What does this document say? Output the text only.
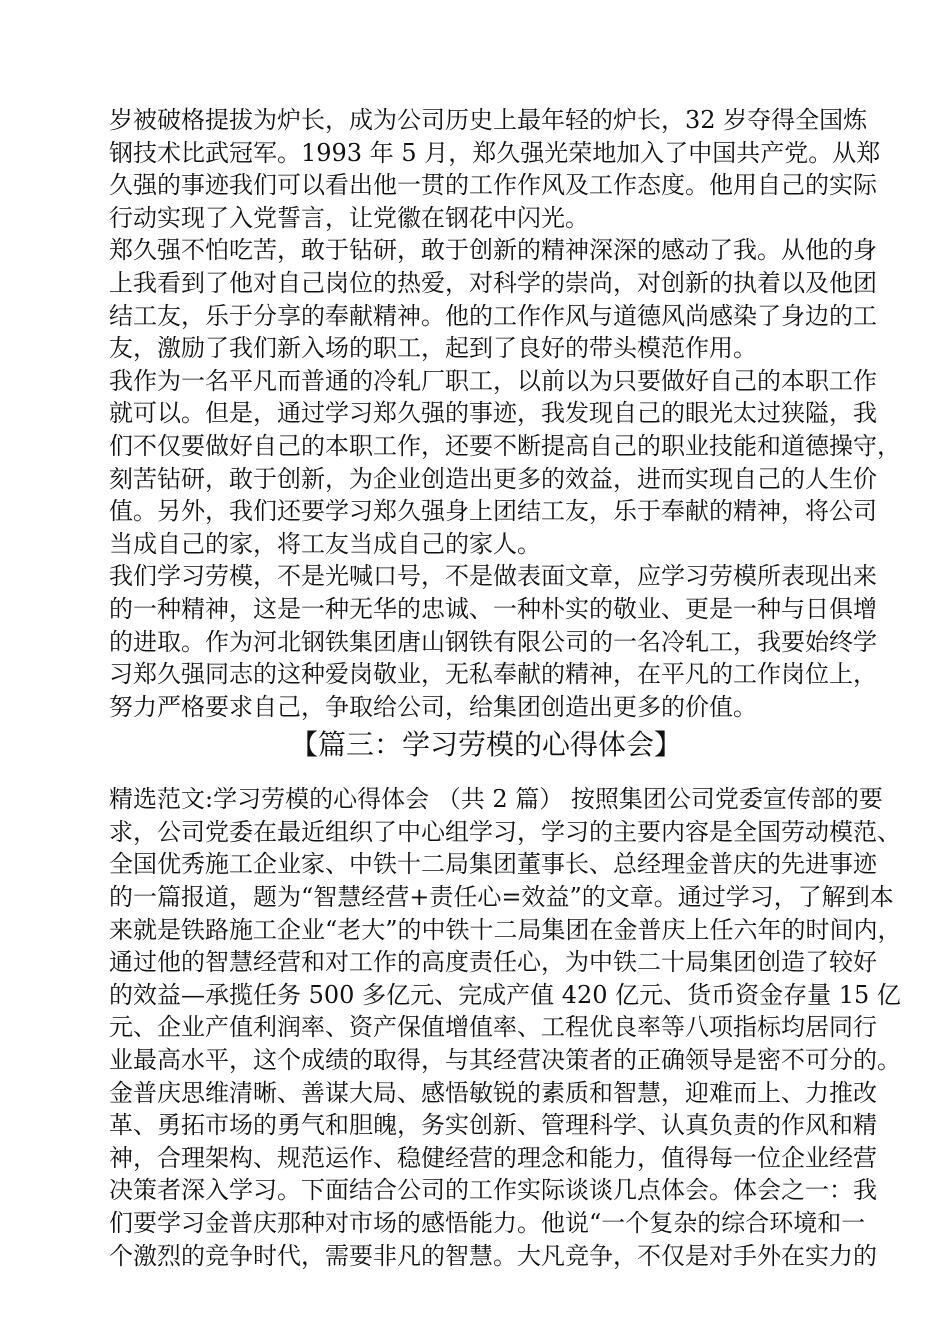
岁被破格提拔为炉长，成为公司历史上最年轻的炉长，32 岁夺得全国炼
钢技术比武冠军。1993 年 5 月，郑久强光荣地加入了中国共产党。从郑
久强的事迹我们可以看出他一贯的工作作风及工作态度。他用自己的实际
行动实现了入党誓言，让党徽在钢花中闪光。
郑久强不怕吃苦，敢于钻研，敢于创新的精神深深的感动了我。从他的身
上我看到了他对自己岗位的热爱，对科学的崇尚，对创新的执着以及他团
结工友，乐于分享的奉献精神。他的工作作风与道德风尚感染了身边的工
友，激励了我们新入场的职工，起到了良好的带头模范作用。
我作为一名平凡而普通的冷轧厂职工，以前以为只要做好自己的本职工作
就可以。但是，通过学习郑久强的事迹，我发现自己的眼光太过狭隘，我
们不仅要做好自己的本职工作，还要不断提高自己的职业技能和道德操守，
刻苦钻研，敢于创新，为企业创造出更多的效益，进而实现自己的人生价
值。另外，我们还要学习郑久强身上团结工友，乐于奉献的精神，将公司
当成自己的家，将工友当成自己的家人。
我们学习劳模，不是光喊口号，不是做表面文章，应学习劳模所表现出来
的一种精神，这是一种无华的忠诚、一种朴实的敬业、更是一种与日俱增
的进取。作为河北钢铁集团唐山钢铁有限公司的一名冷轧工，我要始终学
习郑久强同志的这种爱岗敬业，无私奉献的精神，在平凡的工作岗位上，
努力严格要求自己，争取给公司，给集团创造出更多的价值。
【篇三：学习劳模的心得体会】
精选范文:学习劳模的心得体会 （共 2 篇） 按照集团公司党委宣传部的要
求，公司党委在最近组织了中心组学习，学习的主要内容是全国劳动模范、
全国优秀施工企业家、中铁十二局集团董事长、总经理金普庆的先进事迹
的一篇报道，题为“智慧经营+责任心=效益”的文章。通过学习，了解到本
来就是铁路施工企业“老大”的中铁十二局集团在金普庆上任六年的时间内，
通过他的智慧经营和对工作的高度责任心，为中铁二十局集团创造了较好
的效益—承揽任务 500 多亿元、完成产值 420 亿元、货币资金存量 15 亿
元、企业产值利润率、资产保值增值率、工程优良率等八项指标均居同行
业最高水平，这个成绩的取得，与其经营决策者的正确领导是密不可分的。
金普庆思维清晰、善谋大局、感悟敏锐的素质和智慧，迎难而上、力推改
革、勇拓市场的勇气和胆魄，务实创新、管理科学、认真负责的作风和精
神，合理架构、规范运作、稳健经营的理念和能力，值得每一位企业经营
决策者深入学习。下面结合公司的工作实际谈谈几点体会。体会之一：我
们要学习金普庆那种对市场的感悟能力。他说“一个复杂的综合环境和一
个激烈的竞争时代，需要非凡的智慧。大凡竞争，不仅是对手外在实力的
